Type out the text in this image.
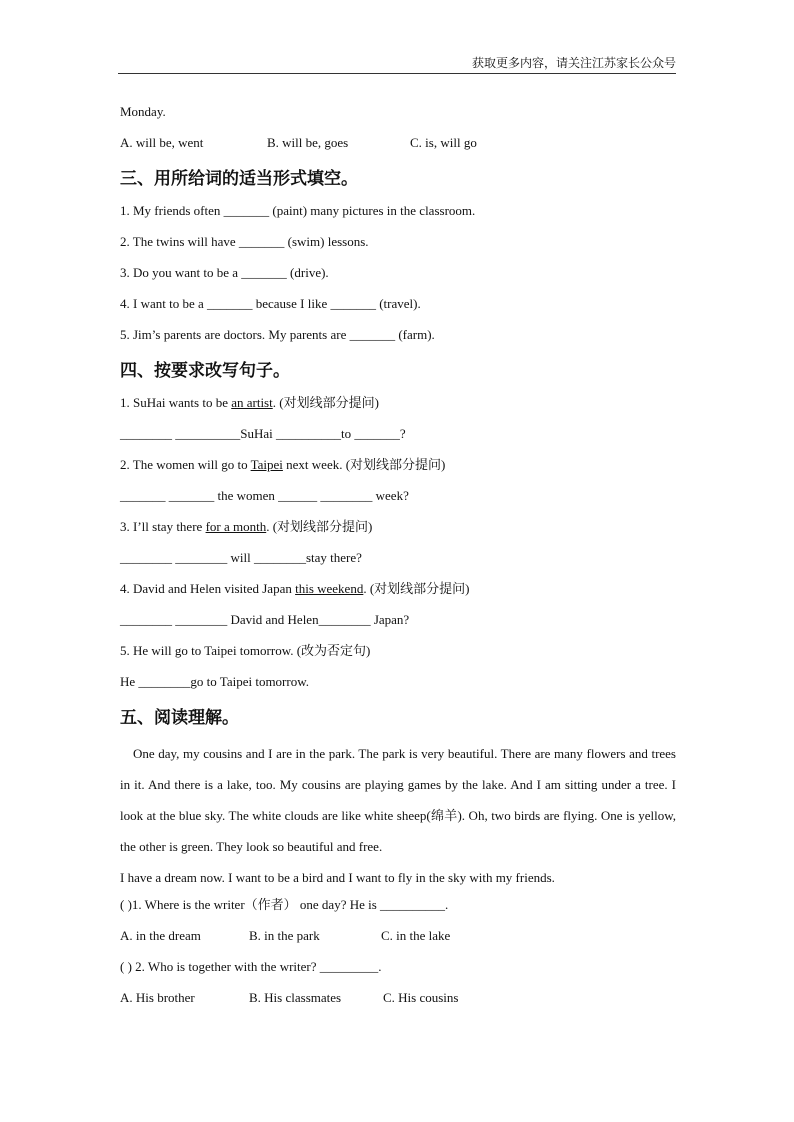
获取更多内容，请关注江苏家长公众号
Monday.
A. will be, went	B. will be, goes	C. is, will go
三、用所给词的适当形式填空。
1. My friends often _______ (paint) many pictures in the classroom.
2. The twins will have _______ (swim) lessons.
3. Do you want to be a _______ (drive).
4. I want to be a _______ because I like _______ (travel).
5. Jim’s parents are doctors. My parents are _______ (farm).
四、按要求改写句子。
1. SuHai wants to be an artist. (对划线部分提问)
________ __________SuHai __________to _______?
2. The women will go to Taipei next week. (对划线部分提问)
_______ _______ the women ______ ________ week?
3. I’ll stay there for a month. (对划线部分提问)
________ ________ will ________stay there?
4. David and Helen visited Japan this weekend. (对划线部分提问)
________ ________ David and Helen________ Japan?
5. He will go to Taipei tomorrow. (改为否定句)
He ________go to Taipei tomorrow.
五、阅读理解。
One day, my cousins and I are in the park. The park is very beautiful. There are many flowers and trees in it. And there is a lake, too. My cousins are playing games by the lake. And I am sitting under a tree. I look at the blue sky. The white clouds are like white sheep(绵羊). Oh, two birds are flying. One is yellow, the other is green. They look so beautiful and free.
I have a dream now. I want to be a bird and I want to fly in the sky with my friends.
( )1. Where is the writer（作者） one day? He is __________.
A. in the dream	B. in the park	C. in the lake
( ) 2. Who is together with the writer? _________.
A. His brother	B. His classmates	C. His cousins
